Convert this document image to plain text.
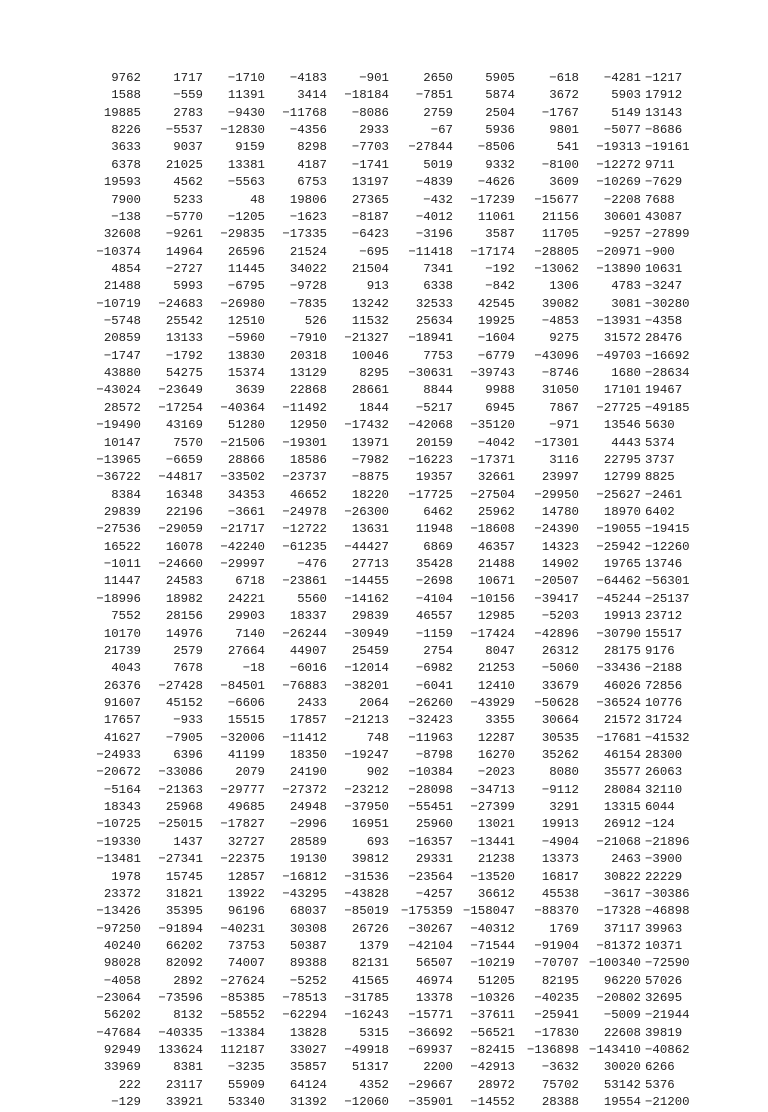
9762	1717	−1710	−4183	−901	2650	5905	−618	−4281	−1217
1588	−559	11391	3414	−18184	−7851	5874	3672	5903	17912
19885	2783	−9430	−11768	−8086	2759	2504	−1767	5149	13143
8226	−5537	−12830	−4356	2933	−67	5936	9801	−5077	−8686
3633	9037	9159	8298	−7703	−27844	−8506	541	−19313	−19161
6378	21025	13381	4187	−1741	5019	9332	−8100	−12272	9711
19593	4562	−5563	6753	13197	−4839	−4626	3609	−10269	−7629
7900	5233	48	19806	27365	−432	−17239	−15677	−2208	7688
−138	−5770	−1205	−1623	−8187	−4012	11061	21156	30601	43087
32608	−9261	−29835	−17335	−6423	−3196	3587	11705	−9257	−27899
−10374	14964	26596	21524	−695	−11418	−17174	−28805	−20971	−900
4854	−2727	11445	34022	21504	7341	−192	−13062	−13890	10631
21488	5993	−6795	−9728	913	6338	−842	1306	4783	−3247
−10719	−24683	−26980	−7835	13242	32533	42545	39082	3081	−30280
−5748	25542	12510	526	11532	25634	19925	−4853	−13931	−4358
20859	13133	−5960	−7910	−21327	−18941	−1604	9275	31572	28476
−1747	−1792	13830	20318	10046	7753	−6779	−43096	−49703	−16692
43880	54275	15374	13129	8295	−30631	−39743	−8746	1680	−28634
−43024	−23649	3639	22868	28661	8844	9988	31050	17101	19467
28572	−17254	−40364	−11492	1844	−5217	6945	7867	−27725	−49185
−19490	43169	51280	12950	−17432	−42068	−35120	−971	13546	5630
10147	7570	−21506	−19301	13971	20159	−4042	−17301	4443	5374
−13965	−6659	28866	18586	−7982	−16223	−17371	3116	22795	3737
−36722	−44817	−33502	−23737	−8875	19357	32661	23997	12799	8825
8384	16348	34353	46652	18220	−17725	−27504	−29950	−25627	−2461
29839	22196	−3661	−24978	−26300	6462	25962	14780	18970	6402
−27536	−29059	−21717	−12722	13631	11948	−18608	−24390	−19055	−19415
16522	16078	−42240	−61235	−44427	6869	46357	14323	−25942	−12260
−1011	−24660	−29997	−476	27713	35428	21488	14902	19765	13746
11447	24583	6718	−23861	−14455	−2698	10671	−20507	−64462	−56301
−18996	18982	24221	5560	−14162	−4104	−10156	−39417	−45244	−25137
7552	28156	29903	18337	29839	46557	12985	−5203	19913	23712
10170	14976	7140	−26244	−30949	−1159	−17424	−42896	−30790	15517
21739	2579	27664	44907	25459	2754	8047	26312	28175	9176
4043	7678	−18	−6016	−12014	−6982	21253	−5060	−33436	−2188
26376	−27428	−84501	−76883	−38201	−6041	12410	33679	46026	72856
91607	45152	−6606	2433	2064	−26260	−43929	−50628	−36524	10776
17657	−933	15515	17857	−21213	−32423	3355	30664	21572	31724
41627	−7905	−32006	−11412	748	−11963	12287	30535	−17681	−41532
−24933	6396	41199	18350	−19247	−8798	16270	35262	46154	28300
−20672	−33086	2079	24190	902	−10384	−2023	8080	35577	26063
−5164	−21363	−29777	−27372	−23212	−28098	−34713	−9112	28084	32110
18343	25968	49685	24948	−37950	−55451	−27399	3291	13315	6044
−10725	−25015	−17827	−2996	16951	25960	13021	19913	26912	−124
−19330	1437	32727	28589	693	−16357	−13441	−4904	−21068	−21896
−13481	−27341	−22375	19130	39812	29331	21238	13373	2463	−3900
1978	15745	12857	−16812	−31536	−23564	−13520	16817	30822	22229
23372	31821	13922	−43295	−43828	−4257	36612	45538	−3617	−30386
−13426	35395	96196	68037	−85019	−175359	−158047	−88370	−17328	−46898
−97250	−91894	−40231	30308	26726	−30267	−40312	1769	37117	39963
40240	66202	73753	50387	1379	−42104	−71544	−91904	−81372	10371
98028	82092	74007	89388	82131	56507	−10219	−70707	−100340	−72590
−4058	2892	−27624	−5252	41565	46974	51205	82195	96220	57026
−23064	−73596	−85385	−78513	−31785	13378	−10326	−40235	−20802	32695
56202	8132	−58552	−62294	−16243	−15771	−37611	−25941	−5009	−21944
−47684	−40335	−13384	13828	5315	−36692	−56521	−17830	22608	39819
92949	133624	112187	33027	−49918	−69937	−82415	−136898	−143410	−40862
33969	8381	−3235	35857	51317	2200	−42913	−3632	30020	6266
222	23117	55909	64124	4352	−29667	28972	75702	53142	5376
−129	33921	53340	31392	−12060	−35901	−14552	28388	19554	−21200
